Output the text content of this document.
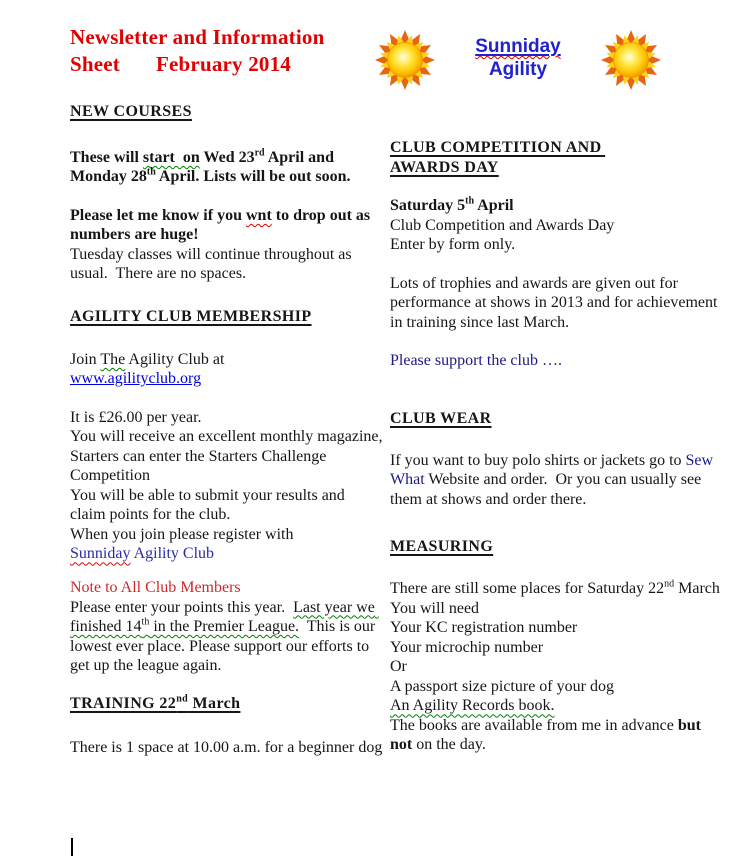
Newsletter and Information
Sheet February 2014
NEW COURSES

These will start  on Wed 23rd April and Monday 28th April. Lists will be out soon.

Please let me know if you wnt to drop out as numbers are huge!

Tuesday classes will continue throughout as usual.  There are no spaces.

AGILITY CLUB MEMBERSHIP

Join The Agility Club at

www.agilityclub.org

It is £26.00 per year.

You will receive an excellent monthly magazine,

Starters can enter the Starters Challenge Competition

You will be able to submit your results and claim points for the club.

When you join please register with

Sunniday Agility Club

Note to All Club Members

Please enter your points this year.  Last year we finished 14th in the Premier League.  This is our lowest ever place. Please support our efforts to get up the league again.

TRAINING 22nd March

There is 1 space at 10.00 a.m. for a beginner dog

Sunniday
Agility
CLUB COMPETITION AND AWARDS DAY

Saturday 5th April

Club Competition and Awards Day

Enter by form only.

Lots of trophies and awards are given out for performance at shows in 2013 and for achievement in training since last March.

Please support the club ….

CLUB WEAR

If you want to buy polo shirts or jackets go to Sew What Website and order.  Or you can usually see them at shows and order there.

MEASURING

There are still some places for Saturday 22nd March

You will need

Your KC registration number

Your microchip number

Or

A passport size picture of your dog

An Agility Records book.

The books are available from me in advance but not on the day.
